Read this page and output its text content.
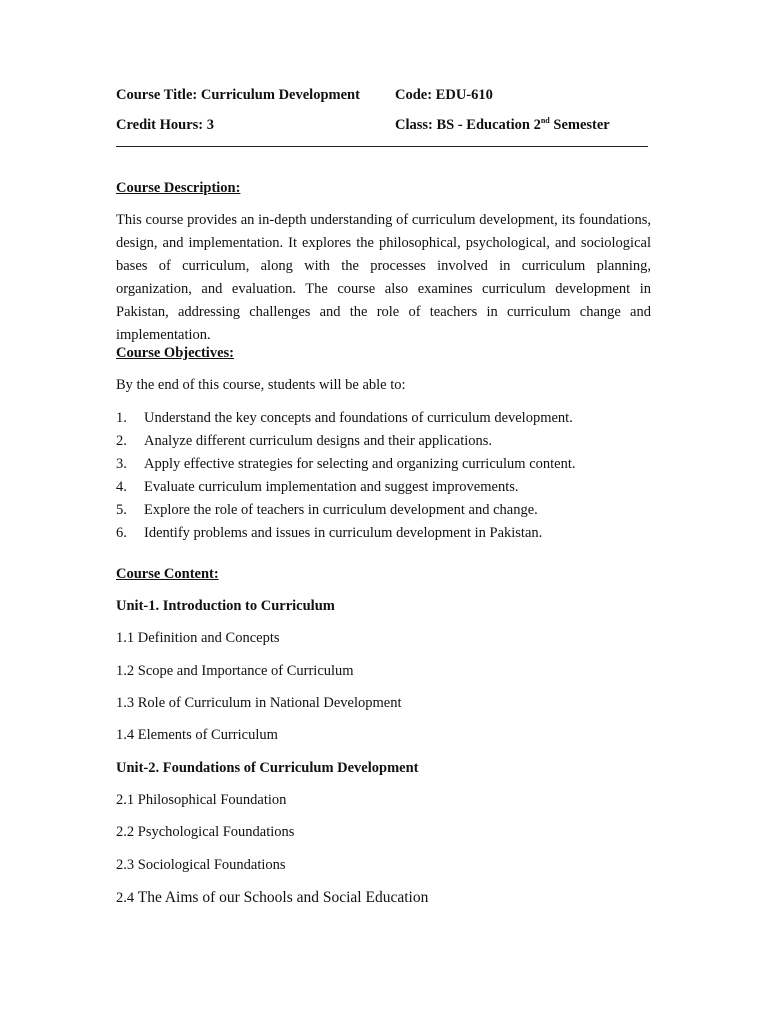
Course Title: Curriculum Development Code: EDU-610
Credit Hours: 3	Class: BS - Education 2nd Semester
Course Description:
This course provides an in-depth understanding of curriculum development, its foundations, design, and implementation. It explores the philosophical, psychological, and sociological bases of curriculum, along with the processes involved in curriculum planning, organization, and evaluation. The course also examines curriculum development in Pakistan, addressing challenges and the role of teachers in curriculum change and implementation.
Course Objectives:
By the end of this course, students will be able to:
1. Understand the key concepts and foundations of curriculum development.
2. Analyze different curriculum designs and their applications.
3. Apply effective strategies for selecting and organizing curriculum content.
4. Evaluate curriculum implementation and suggest improvements.
5. Explore the role of teachers in curriculum development and change.
6. Identify problems and issues in curriculum development in Pakistan.
Course Content:
Unit-1. Introduction to Curriculum
1.1 Definition and Concepts
1.2 Scope and Importance of Curriculum
1.3 Role of Curriculum in National Development
1.4 Elements of Curriculum
Unit-2. Foundations of Curriculum Development
2.1 Philosophical Foundation
2.2 Psychological Foundations
2.3 Sociological Foundations
2.4 The Aims of our Schools and Social Education
